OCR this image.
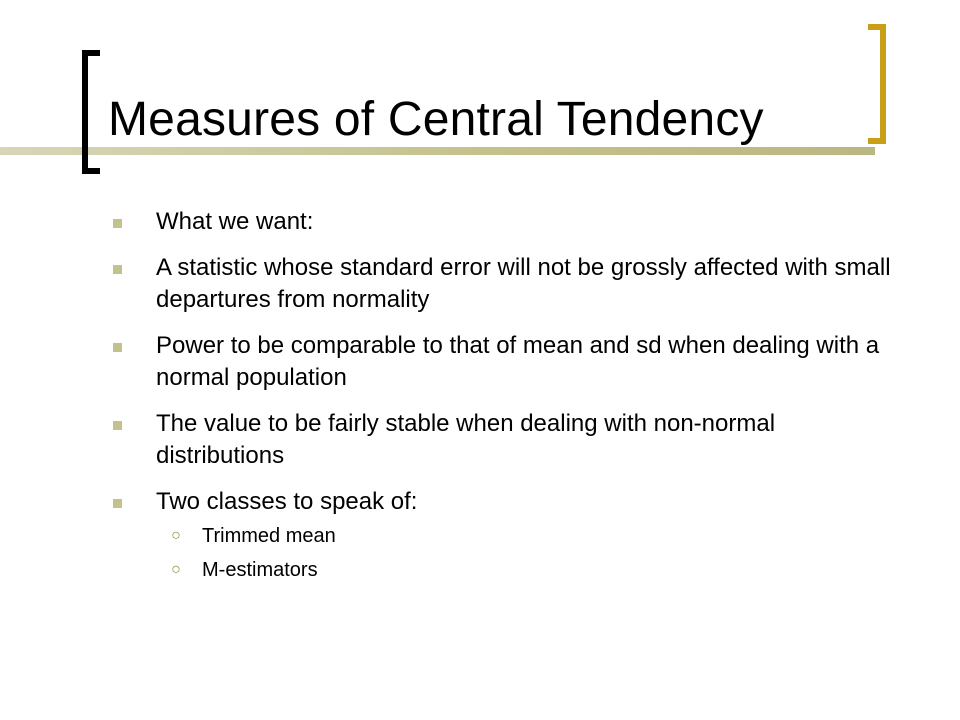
Measures of Central Tendency
What we want:
A statistic whose standard error will not be grossly affected with small departures from normality
Power to be comparable to that of mean and sd when dealing with a normal population
The value to be fairly stable when dealing with non-normal distributions
Two classes to speak of:
○	Trimmed mean
○	M-estimators
